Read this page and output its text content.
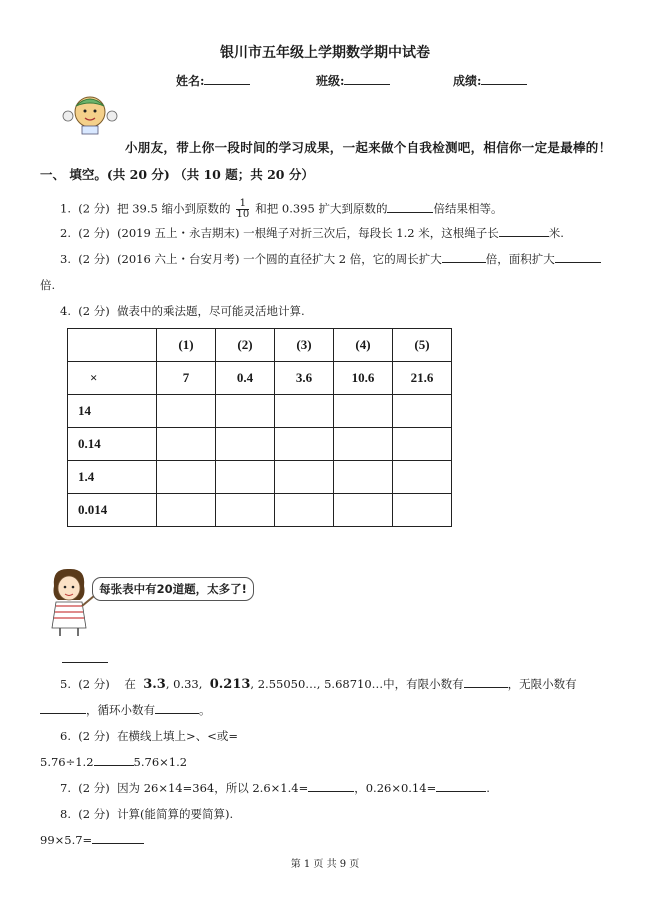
银川市五年级上学期数学期中试卷
姓名:	班级:	成绩:
小朋友，带上你一段时间的学习成果，一起来做个自我检测吧，相信你一定是最棒的！
一、 填空。(共 20 分) （共 10 题；共 20 分）
1. (2 分) 把 39.5 缩小到原数的 $\frac{1}{10}$ 和把 0.395 扩大到原数的	倍结果相等。
2. (2 分) (2019 五上・永吉期末) 一根绳子对折三次后，每段长 1.2 米，这根绳子长	米.
3. (2 分) (2016 六上・台安月考) 一个圆的直径扩大 2 倍，它的周长扩大	倍，面积扩大
倍.
4. (2 分) 做表中的乘法题，尽可能灵活地计算.
	(1)	(2)	(3)	(4)	(5)
×	7	0.4	3.6	10.6	21.6
14					
0.14					
1.4					
0.014					
每张表中有20道题，太多了!
5. (2 分) 在 3.3, 0.33, 0.213, 2.55050…, 5.68710…中，有限小数有	，无限小数有
，循环小数有	。
6. (2 分) 在横线上填上>、<或=
5.76÷1.2	5.76×1.2
7. (2 分) 因为 26×14=364，所以 2.6×1.4=	，0.26×0.14=	.
8. (2 分) 计算(能简算的要简算).
99×5.7=
第 1 页 共 9 页
